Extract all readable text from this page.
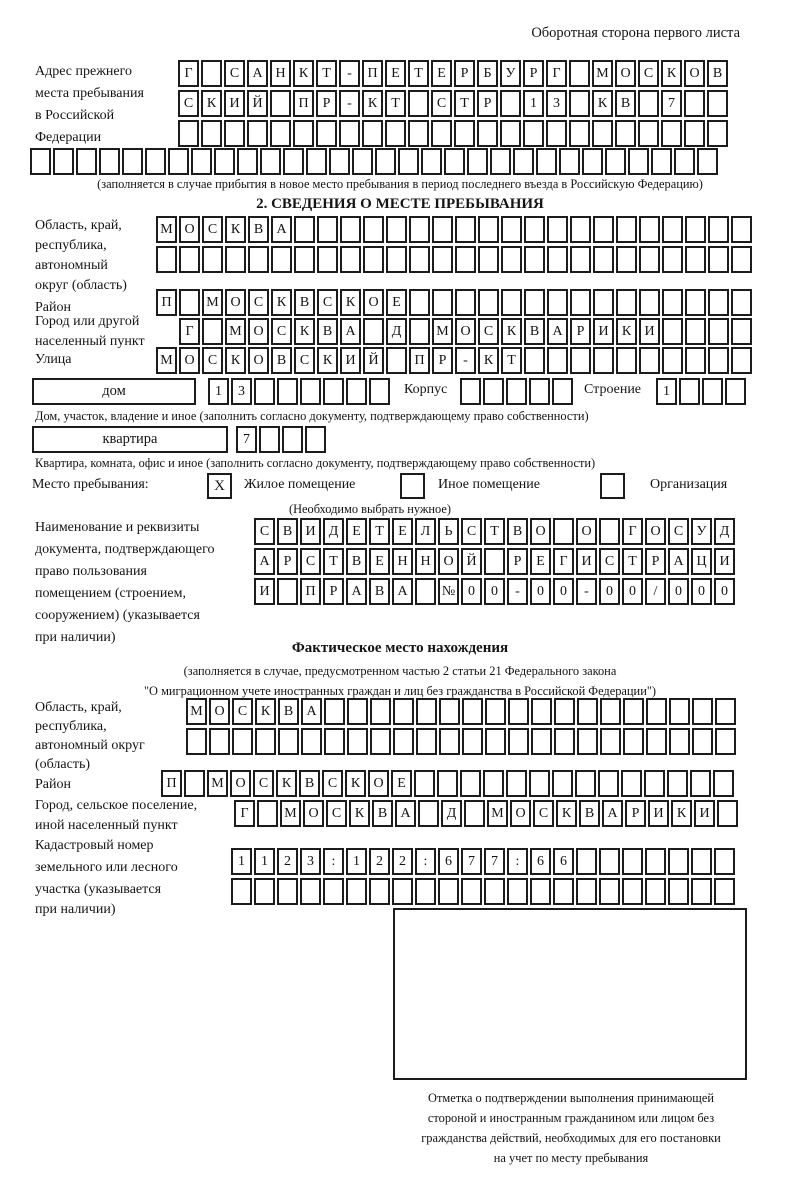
Оборотная сторона первого листа
Адрес прежнего
места пребывания
в Российской
Федерации
Г	С А Н К Т - П Е Т Е Р Б У Р Г	М О С К О В
С К И Й	П Р - К Т	С Т Р	1 3	К В	7
(заполняется в случае прибытия в новое место пребывания в период последнего въезда в Российскую Федерацию)
2. СВЕДЕНИЯ О МЕСТЕ ПРЕБЫВАНИЯ
Область, край,
республика,
автономный
округ (область)
М О С К В А
Район	П М О С К В С К О Е
Город или другой
населенный пункт
Г	М О С К В А	Д М О С К В А Р И К И
Улица	М О С К О В С К И Й	П Р - К Т
дом	1 3	Корпус	Строение	1
Дом, участок, владение и иное (заполнить согласно документу, подтверждающему право собственности)
квартира	7
Квартира, комната, офис и иное (заполнить согласно документу, подтверждающему право собственности)
Место пребывания:	X	Жилое помещение	Иное помещение	Организация
(Необходимо выбрать нужное)
Наименование и реквизиты
документа, подтверждающего
право пользования
помещением (строением,
сооружением) (указывается
при наличии)
С В И Д Е Т Е Л Ь С Т В О	О	Г О С У Д
А Р С Т В Е Н Н О Й	Р Е Г И С Т Р А Ц И
И	П Р А В А № 0 0 - 0 0 - 0 0 / 0 0 0
Фактическое место нахождения
(заполняется в случае, предусмотренном частью 2 статьи 21 Федерального закона
"О миграционном учете иностранных граждан и лиц без гражданства в Российской Федерации")
Область, край,
республика,
автономный округ
(область)
М О С К В А
Район	П М О С К В С К О Е
Город, сельское поселение,
иной населенный пункт
Г	М О С К В А	Д М О С К В А Р И К И
Кадастровый номер
земельного или лесного
участка (указывается
при наличии)
1 1 2 3 : 1 2 2 : 6 7 7 : 6 6
Отметка о подтверждении выполнения принимающей
стороной и иностранным гражданином или лицом без
гражданства действий, необходимых для его постановки
на учет по месту пребывания
